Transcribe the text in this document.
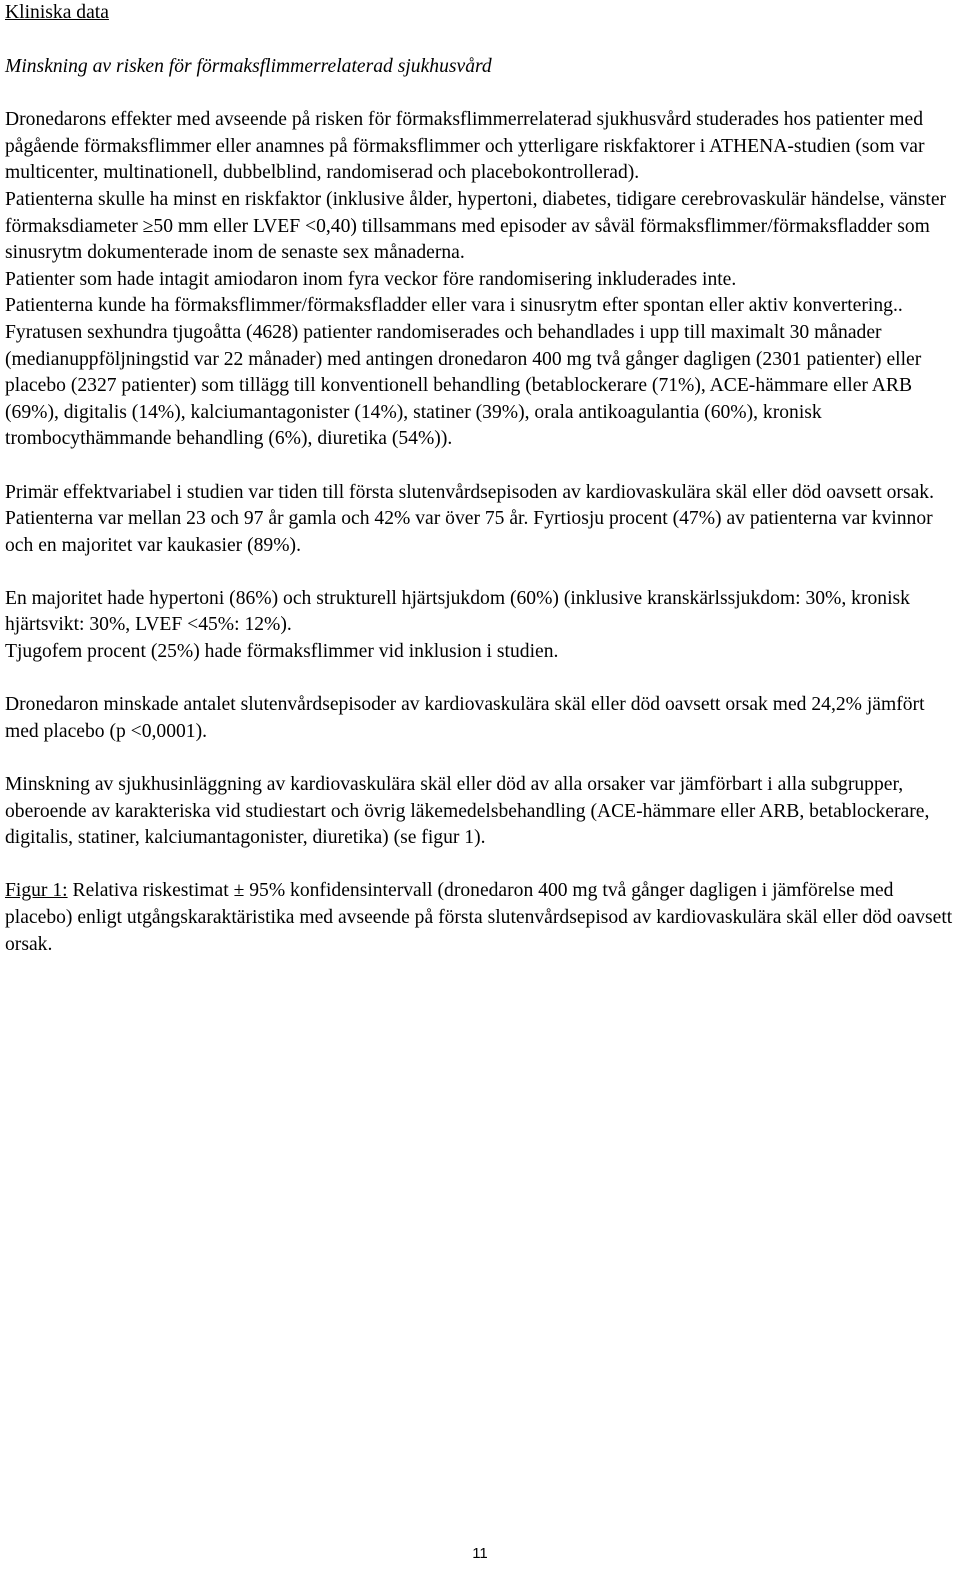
Kliniska data
Minskning av risken för förmaksflimmerrelaterad sjukhusvård

Dronedarons effekter med avseende på risken för förmaksflimmerrelaterad sjukhusvård studerades hos patienter med pågående förmaksflimmer eller anamnes på förmaksflimmer och ytterligare riskfaktorer i ATHENA-studien (som var multicenter, multinationell, dubbelblind, randomiserad och placebokontrollerad).

Patienterna skulle ha minst en riskfaktor (inklusive ålder, hypertoni, diabetes, tidigare cerebrovaskulär händelse, vänster förmaksdiameter ≥50 mm eller LVEF <0,40) tillsammans med episoder av såväl förmaksflimmer/förmaksfladder som sinusrytm dokumenterade inom de senaste sex månaderna.

Patienter som hade intagit amiodaron inom fyra veckor före randomisering inkluderades inte.

Patienterna kunde ha förmaksflimmer/förmaksfladder eller vara i sinusrytm efter spontan eller aktiv konvertering..

Fyratusen sexhundra tjugoåtta (4628) patienter randomiserades och behandlades i upp till maximalt 30 månader (medianuppföljningstid var 22 månader) med antingen dronedaron 400 mg två gånger dagligen (2301 patienter) eller placebo (2327 patienter) som tillägg till konventionell behandling (betablockerare (71%), ACE-hämmare eller ARB (69%), digitalis (14%), kalciumantagonister (14%), statiner (39%), orala antikoagulantia (60%), kronisk trombocythämmande behandling (6%), diuretika (54%)).

Primär effektvariabel i studien var tiden till första slutenvårdsepisoden av kardiovaskulära skäl eller död oavsett orsak.

Patienterna var mellan 23 och 97 år gamla och 42% var över 75 år. Fyrtiosju procent (47%) av patienterna var kvinnor och en majoritet var kaukasier (89%).

En majoritet hade hypertoni (86%) och strukturell hjärtsjukdom (60%) (inklusive kranskärlssjukdom: 30%, kronisk hjärtsvikt: 30%, LVEF <45%: 12%).

Tjugofem procent (25%) hade förmaksflimmer vid inklusion i studien.

Dronedaron minskade antalet slutenvårdsepisoder av kardiovaskulära skäl eller död oavsett orsak med 24,2% jämfört med placebo (p <0,0001).

Minskning av sjukhusinläggning av kardiovaskulära skäl eller död av alla orsaker var jämförbart i alla subgrupper, oberoende av karakteriska vid studiestart och övrig läkemedelsbehandling (ACE-hämmare eller ARB, betablockerare, digitalis, statiner, kalciumantagonister, diuretika) (se figur 1).

Figur 1: Relativa riskestimat ± 95% konfidensintervall (dronedaron 400 mg två gånger dagligen i jämförelse med placebo) enligt utgångskaraktäristika med avseende på första slutenvårdsepisod av kardiovaskulära skäl eller död oavsett orsak.

11
